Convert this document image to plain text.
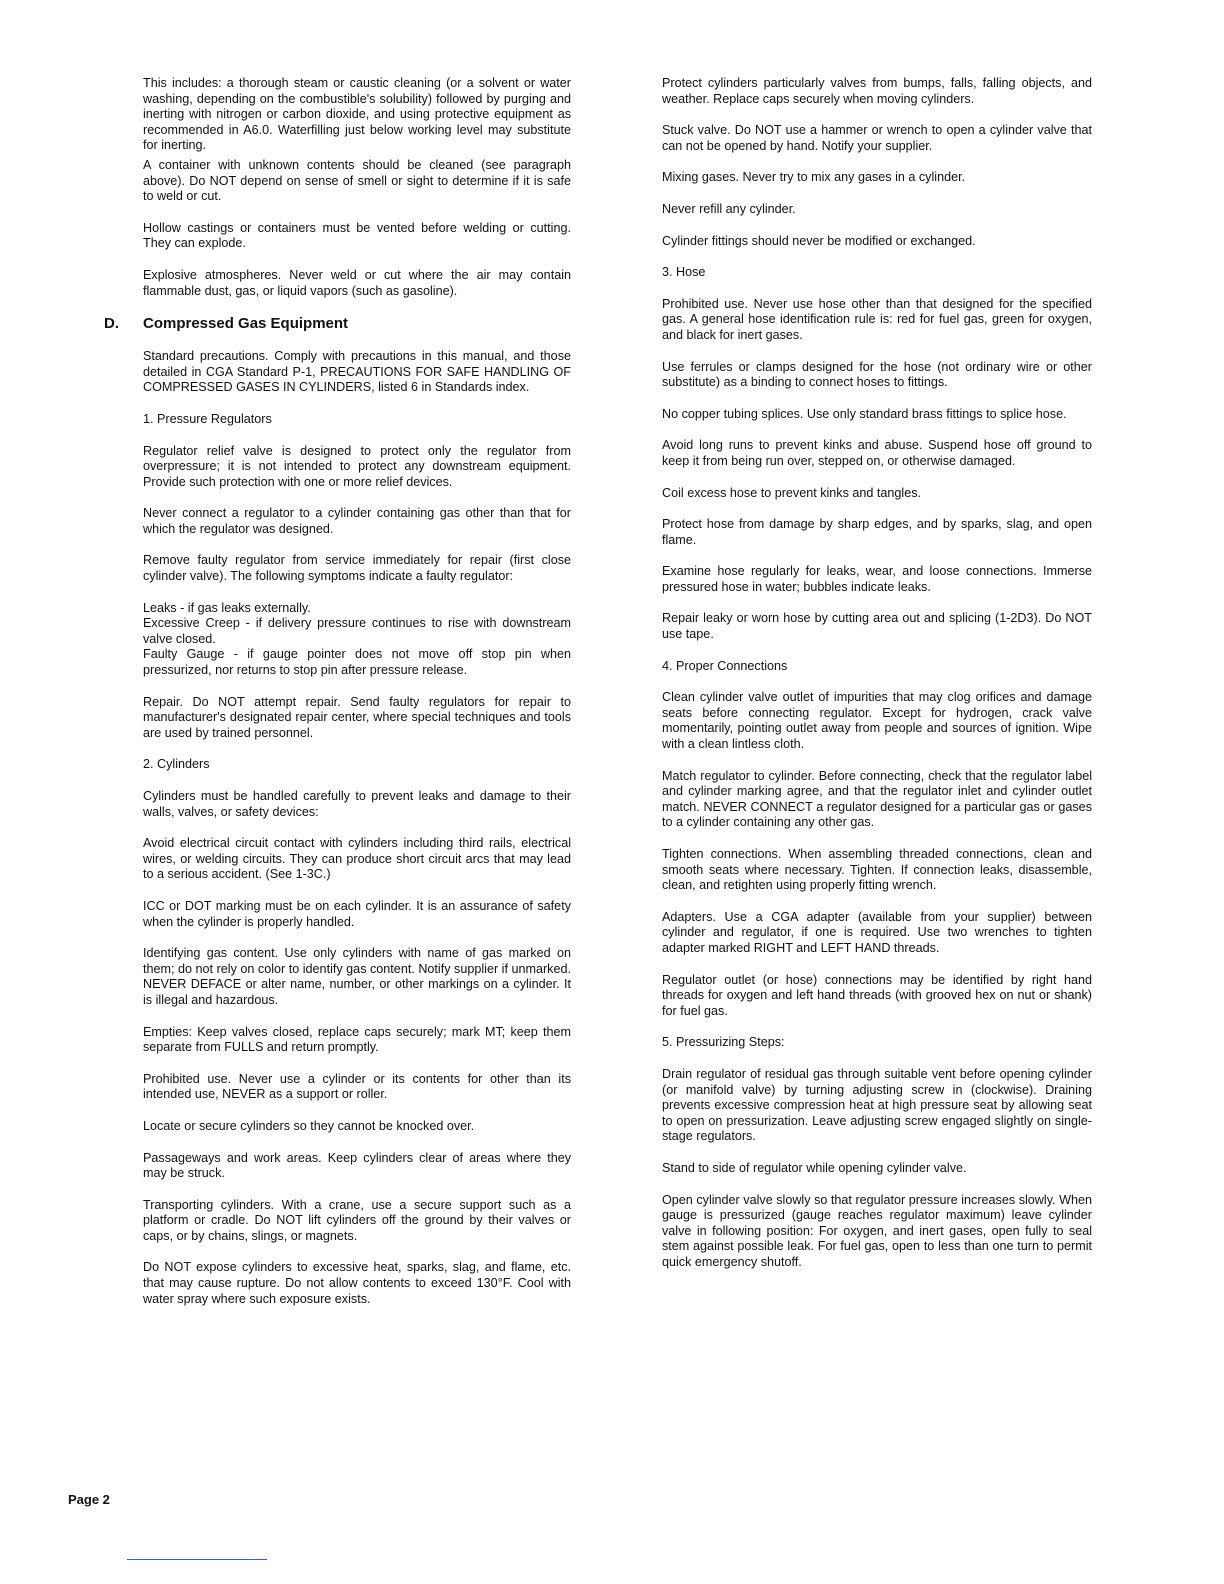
This includes: a thorough steam or caustic cleaning (or a solvent or water washing, depending on the combustible's solubility) followed by purging and inerting with nitrogen or carbon dioxide, and using protective equipment as recommended in A6.0. Waterfilling just below working level may substitute for inerting.

A container with unknown contents should be cleaned (see paragraph above). Do NOT depend on sense of smell or sight to determine if it is safe to weld or cut.

Hollow castings or containers must be vented before welding or cutting. They can explode.

Explosive atmospheres. Never weld or cut where the air may contain flammable dust, gas, or liquid vapors (such as gasoline).

D. Compressed Gas Equipment

Standard precautions. Comply with precautions in this manual, and those detailed in CGA Standard P-1, PRECAUTIONS FOR SAFE HANDLING OF COMPRESSED GASES IN CYLINDERS, listed 6 in Standards index.

1. Pressure Regulators

Regulator relief valve is designed to protect only the regulator from overpressure; it is not intended to protect any downstream equipment. Provide such protection with one or more relief devices.

Never connect a regulator to a cylinder containing gas other than that for which the regulator was designed.

Remove faulty regulator from service immediately for repair (first close cylinder valve). The following symptoms indicate a faulty regulator:

Leaks - if gas leaks externally.
Excessive Creep - if delivery pressure continues to rise with downstream valve closed.
Faulty Gauge - if gauge pointer does not move off stop pin when pressurized, nor returns to stop pin after pressure release.

Repair. Do NOT attempt repair. Send faulty regulators for repair to manufacturer's designated repair center, where special techniques and tools are used by trained personnel.

2. Cylinders

Cylinders must be handled carefully to prevent leaks and damage to their walls, valves, or safety devices:

Avoid electrical circuit contact with cylinders including third rails, electrical wires, or welding circuits. They can produce short circuit arcs that may lead to a serious accident. (See 1-3C.)

ICC or DOT marking must be on each cylinder. It is an assurance of safety when the cylinder is properly handled.

Identifying gas content. Use only cylinders with name of gas marked on them; do not rely on color to identify gas content. Notify supplier if unmarked. NEVER DEFACE or alter name, number, or other markings on a cylinder. It is illegal and hazardous.

Empties: Keep valves closed, replace caps securely; mark MT; keep them separate from FULLS and return promptly.

Prohibited use. Never use a cylinder or its contents for other than its intended use, NEVER as a support or roller.

Locate or secure cylinders so they cannot be knocked over.

Passageways and work areas. Keep cylinders clear of areas where they may be struck.

Transporting cylinders. With a crane, use a secure support such as a platform or cradle. Do NOT lift cylinders off the ground by their valves or caps, or by chains, slings, or magnets.

Do NOT expose cylinders to excessive heat, sparks, slag, and flame, etc. that may cause rupture. Do not allow contents to exceed 130°F. Cool with water spray where such exposure exists.

Protect cylinders particularly valves from bumps, falls, falling objects, and weather. Replace caps securely when moving cylinders.

Stuck valve. Do NOT use a hammer or wrench to open a cylinder valve that can not be opened by hand. Notify your supplier.

Mixing gases. Never try to mix any gases in a cylinder.

Never refill any cylinder.

Cylinder fittings should never be modified or exchanged.

3. Hose

Prohibited use. Never use hose other than that designed for the specified gas. A general hose identification rule is: red for fuel gas, green for oxygen, and black for inert gases.

Use ferrules or clamps designed for the hose (not ordinary wire or other substitute) as a binding to connect hoses to fittings.

No copper tubing splices. Use only standard brass fittings to splice hose.

Avoid long runs to prevent kinks and abuse. Suspend hose off ground to keep it from being run over, stepped on, or otherwise damaged.

Coil excess hose to prevent kinks and tangles.

Protect hose from damage by sharp edges, and by sparks, slag, and open flame.

Examine hose regularly for leaks, wear, and loose connections. Immerse pressured hose in water; bubbles indicate leaks.

Repair leaky or worn hose by cutting area out and splicing (1-2D3). Do NOT use tape.

4. Proper Connections

Clean cylinder valve outlet of impurities that may clog orifices and damage seats before connecting regulator. Except for hydrogen, crack valve momentarily, pointing outlet away from people and sources of ignition. Wipe with a clean lintless cloth.

Match regulator to cylinder. Before connecting, check that the regulator label and cylinder marking agree, and that the regulator inlet and cylinder outlet match. NEVER CONNECT a regulator designed for a particular gas or gases to a cylinder containing any other gas.

Tighten connections. When assembling threaded connections, clean and smooth seats where necessary. Tighten. If connection leaks, disassemble, clean, and retighten using properly fitting wrench.

Adapters. Use a CGA adapter (available from your supplier) between cylinder and regulator, if one is required. Use two wrenches to tighten adapter marked RIGHT and LEFT HAND threads.

Regulator outlet (or hose) connections may be identified by right hand threads for oxygen and left hand threads (with grooved hex on nut or shank) for fuel gas.

5. Pressurizing Steps:

Drain regulator of residual gas through suitable vent before opening cylinder (or manifold valve) by turning adjusting screw in (clockwise). Draining prevents excessive compression heat at high pressure seat by allowing seat to open on pressurization. Leave adjusting screw engaged slightly on single-stage regulators.

Stand to side of regulator while opening cylinder valve.

Open cylinder valve slowly so that regulator pressure increases slowly. When gauge is pressurized (gauge reaches regulator maximum) leave cylinder valve in following position: For oxygen, and inert gases, open fully to seal stem against possible leak. For fuel gas, open to less than one turn to permit quick emergency shutoff.

Page 2
